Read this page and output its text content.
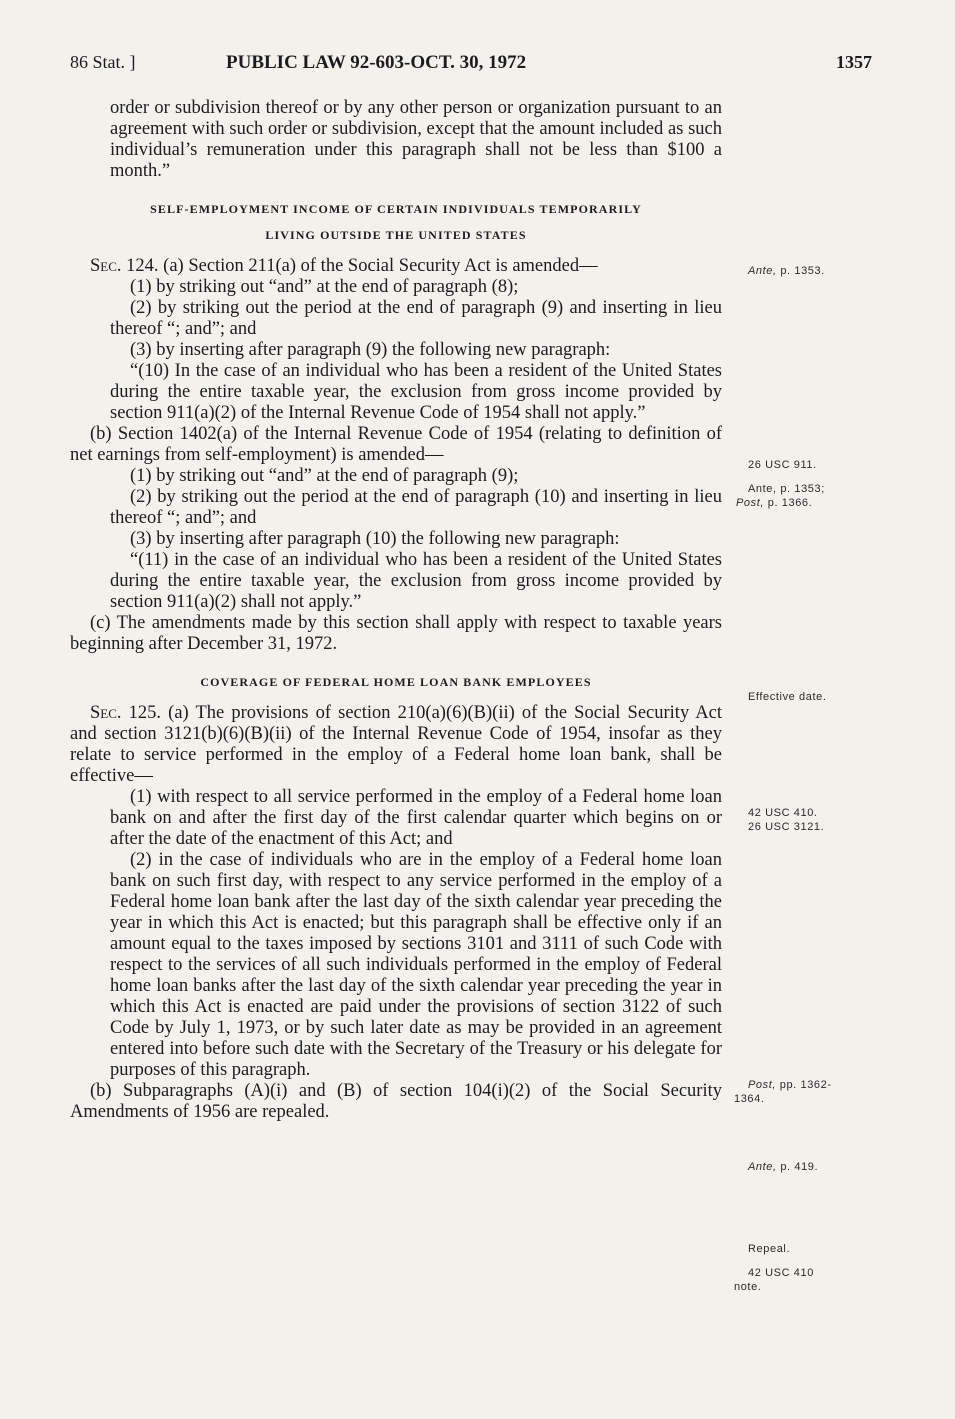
86 Stat. ]	PUBLIC LAW 92-603-OCT. 30, 1972	1357

order or subdivision thereof or by any other person or organization pursuant to an agreement with such order or subdivision, except that the amount included as such individual’s remuneration under this paragraph shall not be less than $100 a month.”

SELF-EMPLOYMENT INCOME OF CERTAIN INDIVIDUALS TEMPORARILY

LIVING OUTSIDE THE UNITED STATES

Sec. 124. (a) Section 211(a) of the Social Security Act is amended—

(1) by striking out “and” at the end of paragraph (8);

(2) by striking out the period at the end of paragraph (9) and inserting in lieu thereof “; and”; and

(3) by inserting after paragraph (9) the following new paragraph:

“(10) In the case of an individual who has been a resident of the United States during the entire taxable year, the exclusion from gross income provided by section 911(a)(2) of the Internal Revenue Code of 1954 shall not apply.”

(b) Section 1402(a) of the Internal Revenue Code of 1954 (relating to definition of net earnings from self-employment) is amended—

(1) by striking out “and” at the end of paragraph (9);

(2) by striking out the period at the end of paragraph (10) and inserting in lieu thereof “; and”; and

(3) by inserting after paragraph (10) the following new paragraph:

“(11) in the case of an individual who has been a resident of the United States during the entire taxable year, the exclusion from gross income provided by section 911(a)(2) shall not apply.”

(c) The amendments made by this section shall apply with respect to taxable years beginning after December 31, 1972.

COVERAGE OF FEDERAL HOME LOAN BANK EMPLOYEES

Sec. 125. (a) The provisions of section 210(a)(6)(B)(ii) of the Social Security Act and section 3121(b)(6)(B)(ii) of the Internal Revenue Code of 1954, insofar as they relate to service performed in the employ of a Federal home loan bank, shall be effective—

(1) with respect to all service performed in the employ of a Federal home loan bank on and after the first day of the first calendar quarter which begins on or after the date of the enactment of this Act; and

(2) in the case of individuals who are in the employ of a Federal home loan bank on such first day, with respect to any service performed in the employ of a Federal home loan bank after the last day of the sixth calendar year preceding the year in which this Act is enacted; but this paragraph shall be effective only if an amount equal to the taxes imposed by sections 3101 and 3111 of such Code with respect to the services of all such individuals performed in the employ of Federal home loan banks after the last day of the sixth calendar year preceding the year in which this Act is enacted are paid under the provisions of section 3122 of such Code by July 1, 1973, or by such later date as may be provided in an agreement entered into before such date with the Secretary of the Treasury or his delegate for purposes of this paragraph.

(b) Subparagraphs (A)(i) and (B) of section 104(i)(2) of the Social Security Amendments of 1956 are repealed.

Ante, p. 1353.
26 USC 911.
Ante, p. 1353;
Post, p. 1366.
Effective date.
42 USC 410.
26 USC 3121.
Post, pp. 1362-
1364.
Ante, p. 419.
Repeal.
42 USC 410
note.
